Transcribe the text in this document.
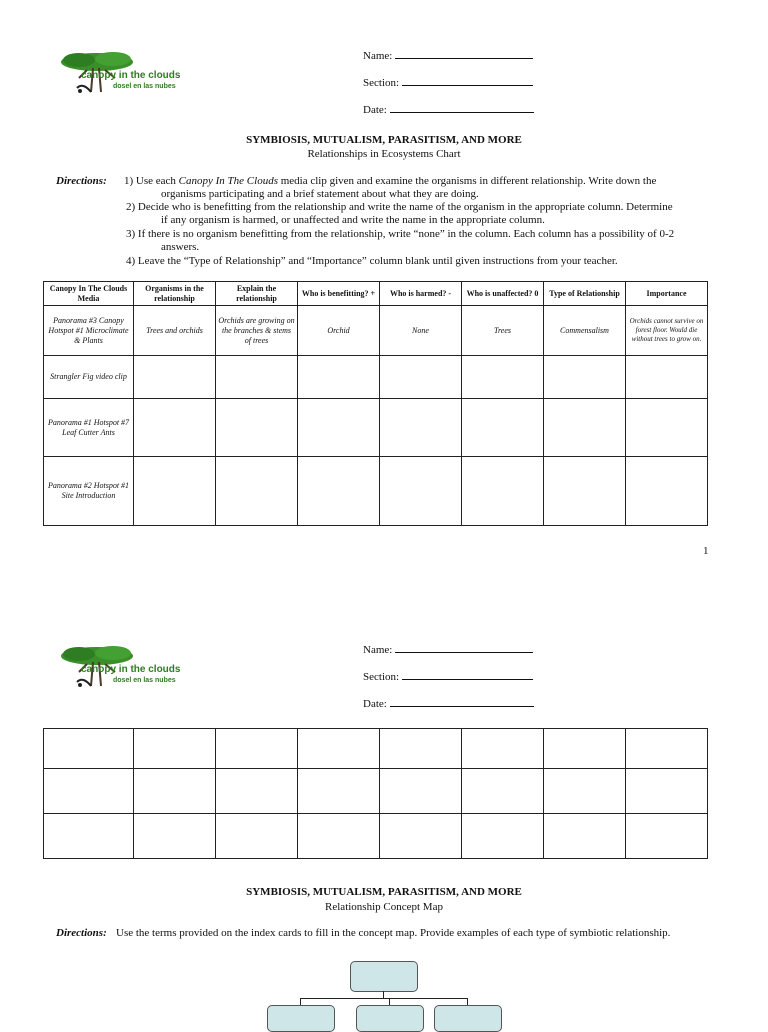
canopy in the clouds
dosel en las nubes
Name:
Section:
Date:
SYMBIOSIS, MUTUALISM, PARASITISM, AND MORE
Relationships in Ecosystems Chart
Directions: 1) Use each Canopy In The Clouds media clip given and examine the organisms in different relationship. Write down the
organisms participating and a brief statement about what they are doing.
2) Decide who is benefitting from the relationship and write the name of the organism in the appropriate column. Determine
if any organism is harmed, or unaffected and write the name in the appropriate column.
3) If there is no organism benefitting from the relationship, write “none” in the column. Each column has a possibility of 0-2
answers.
4) Leave the “Type of Relationship” and “Importance” column blank until given instructions from your teacher.
Canopy In The Clouds Media	Organisms in the relationship	Explain the relationship	Who is benefitting? +	Who is harmed? -	Who is unaffected? 0	Type of Relationship	Importance
Panorama #3 Canopy Hotspot #1 Microclimate & Plants	Trees and orchids	Orchids are growing on the branches & stems of trees	Orchid	None	Trees	Commensalism	Orchids cannot survive on forest floor. Would die without trees to grow on.
Strangler Fig video clip							
Panorama #1 Hotspot #7 Leaf Cutter Ants							
Panorama #2 Hotspot #1 Site Introduction							
1
canopy in the clouds
dosel en las nubes
Name:
Section:
Date:

SYMBIOSIS, MUTUALISM, PARASITISM, AND MORE
Relationship Concept Map
Directions: Use the terms provided on the index cards to fill in the concept map. Provide examples of each type of symbiotic relationship.
